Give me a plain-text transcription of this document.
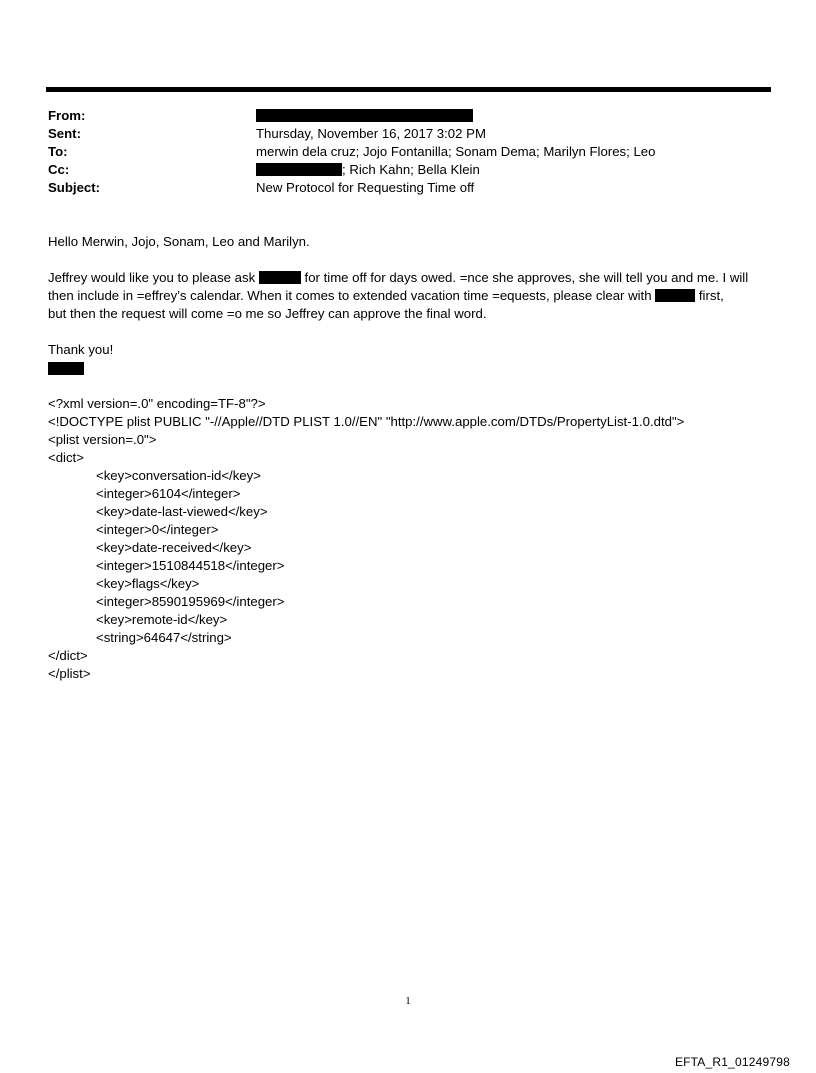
From:
Sent:	Thursday, November 16, 2017 3:02 PM
To:	merwin dela cruz; Jojo Fontanilla; Sonam Dema; Marilyn Flores; Leo
Cc:	; Rich Kahn; Bella Klein
Subject:	New Protocol for Requesting Time off
Hello Merwin, Jojo, Sonam, Leo and Marilyn.

Jeffrey would like you to please ask	for time off for days owed. =nce she approves, she will tell you and me. I will

then include in =effrey’s calendar. When it comes to extended vacation time =equests, please clear with	first,

but then the request will come =o me so Jeffrey can approve the final word.

Thank you!
<?xml version=.0" encoding=TF-8"?>
<!DOCTYPE plist PUBLIC "-//Apple//DTD PLIST 1.0//EN" "http://www.apple.com/DTDs/PropertyList-1.0.dtd">
<plist version=.0">
<dict>
<key>conversation-id</key>
<integer>6104</integer>
<key>date-last-viewed</key>
<integer>0</integer>
<key>date-received</key>
<integer>1510844518</integer>
<key>flags</key>
<integer>8590195969</integer>
<key>remote-id</key>
<string>64647</string>
</dict>
</plist>
1
EFTA_R1_01249798
